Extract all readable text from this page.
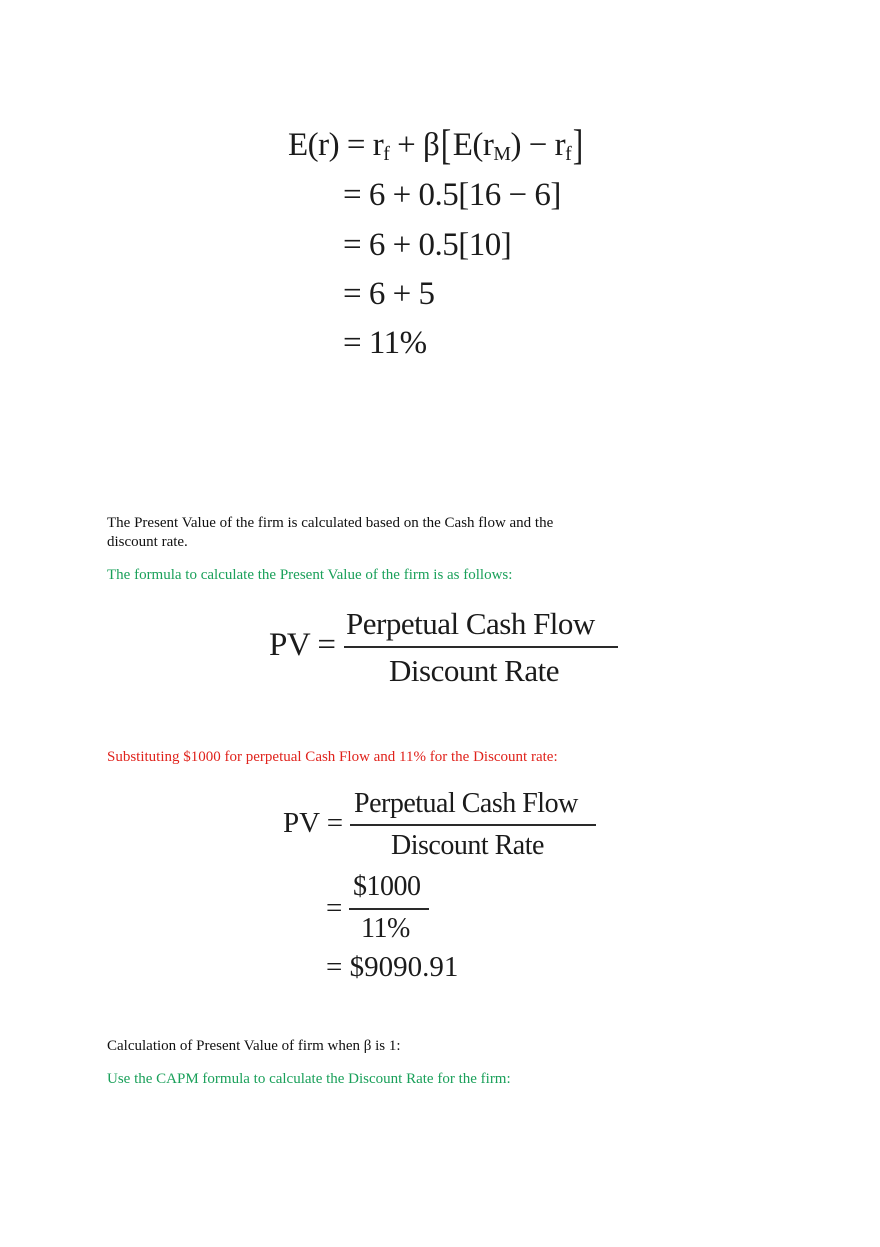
$E(r) = r_f + \beta[E(r_M) - r_f]$
= 6 + 0.5[16 − 6]
= 6 + 0.5[10]
= 6 + 5
= 11%
The Present Value of the firm is calculated based on the Cash flow and the
discount rate.
The formula to calculate the Present Value of the firm is as follows:
PV =
Perpetual Cash Flow
Discount Rate
Substituting $1000 for perpetual Cash Flow and 11% for the Discount rate:
PV =
Perpetual Cash Flow
Discount Rate
=
$1000
11%
= $9090.91
Calculation of Present Value of firm when β is 1:
Use the CAPM formula to calculate the Discount Rate for the firm:
